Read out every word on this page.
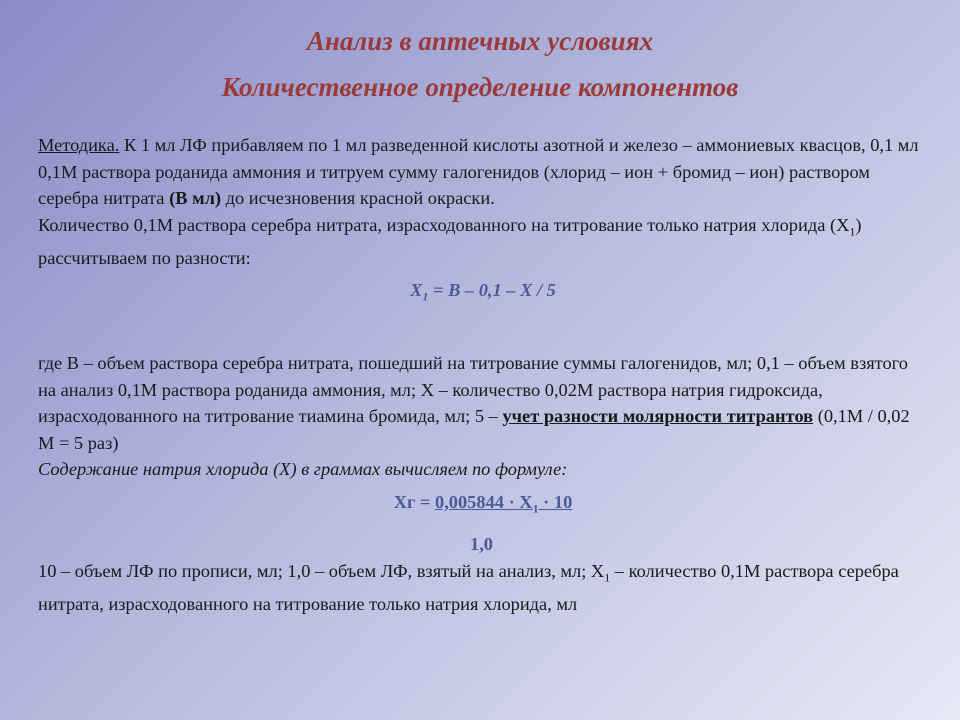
Анализ в аптечных условиях
Количественное определение компонентов

Методика. К 1 мл ЛФ прибавляем по 1 мл разведенной кислоты азотной и железо – аммониевых квасцов, 0,1 мл 0,1М раствора роданида аммония и титруем сумму галогенидов (хлорид – ион + бромид – ион) раствором серебра нитрата (В мл) до исчезновения красной окраски.

Количество 0,1М раствора серебра нитрата, израсходованного на титрование только натрия хлорида $(Х_1)$ рассчитываем по разности:

$Х_1 = В - 0,1 - Х / 5$

где В – объем раствора серебра нитрата, пошедший на титрование суммы галогенидов, мл; 0,1 – объем взятого на анализ 0,1М раствора роданида аммония, мл; Х – количество 0,02М раствора натрия гидроксида, израсходованного на титрование тиамина бромида, мл; 5 – учет разности молярности титрантов (0,1М / 0,02 М = 5 раз)

Содержание натрия хлорида (Х) в граммах вычисляем по формуле:

Хг = $0,005844 \cdot Х_1 \cdot 10$

1,0

10 – объем ЛФ по прописи, мл; 1,0 – объем ЛФ, взятый на анализ, мл; $Х_1$ – количество 0,1М раствора серебра нитрата, израсходованного на титрование только натрия хлорида, мл
